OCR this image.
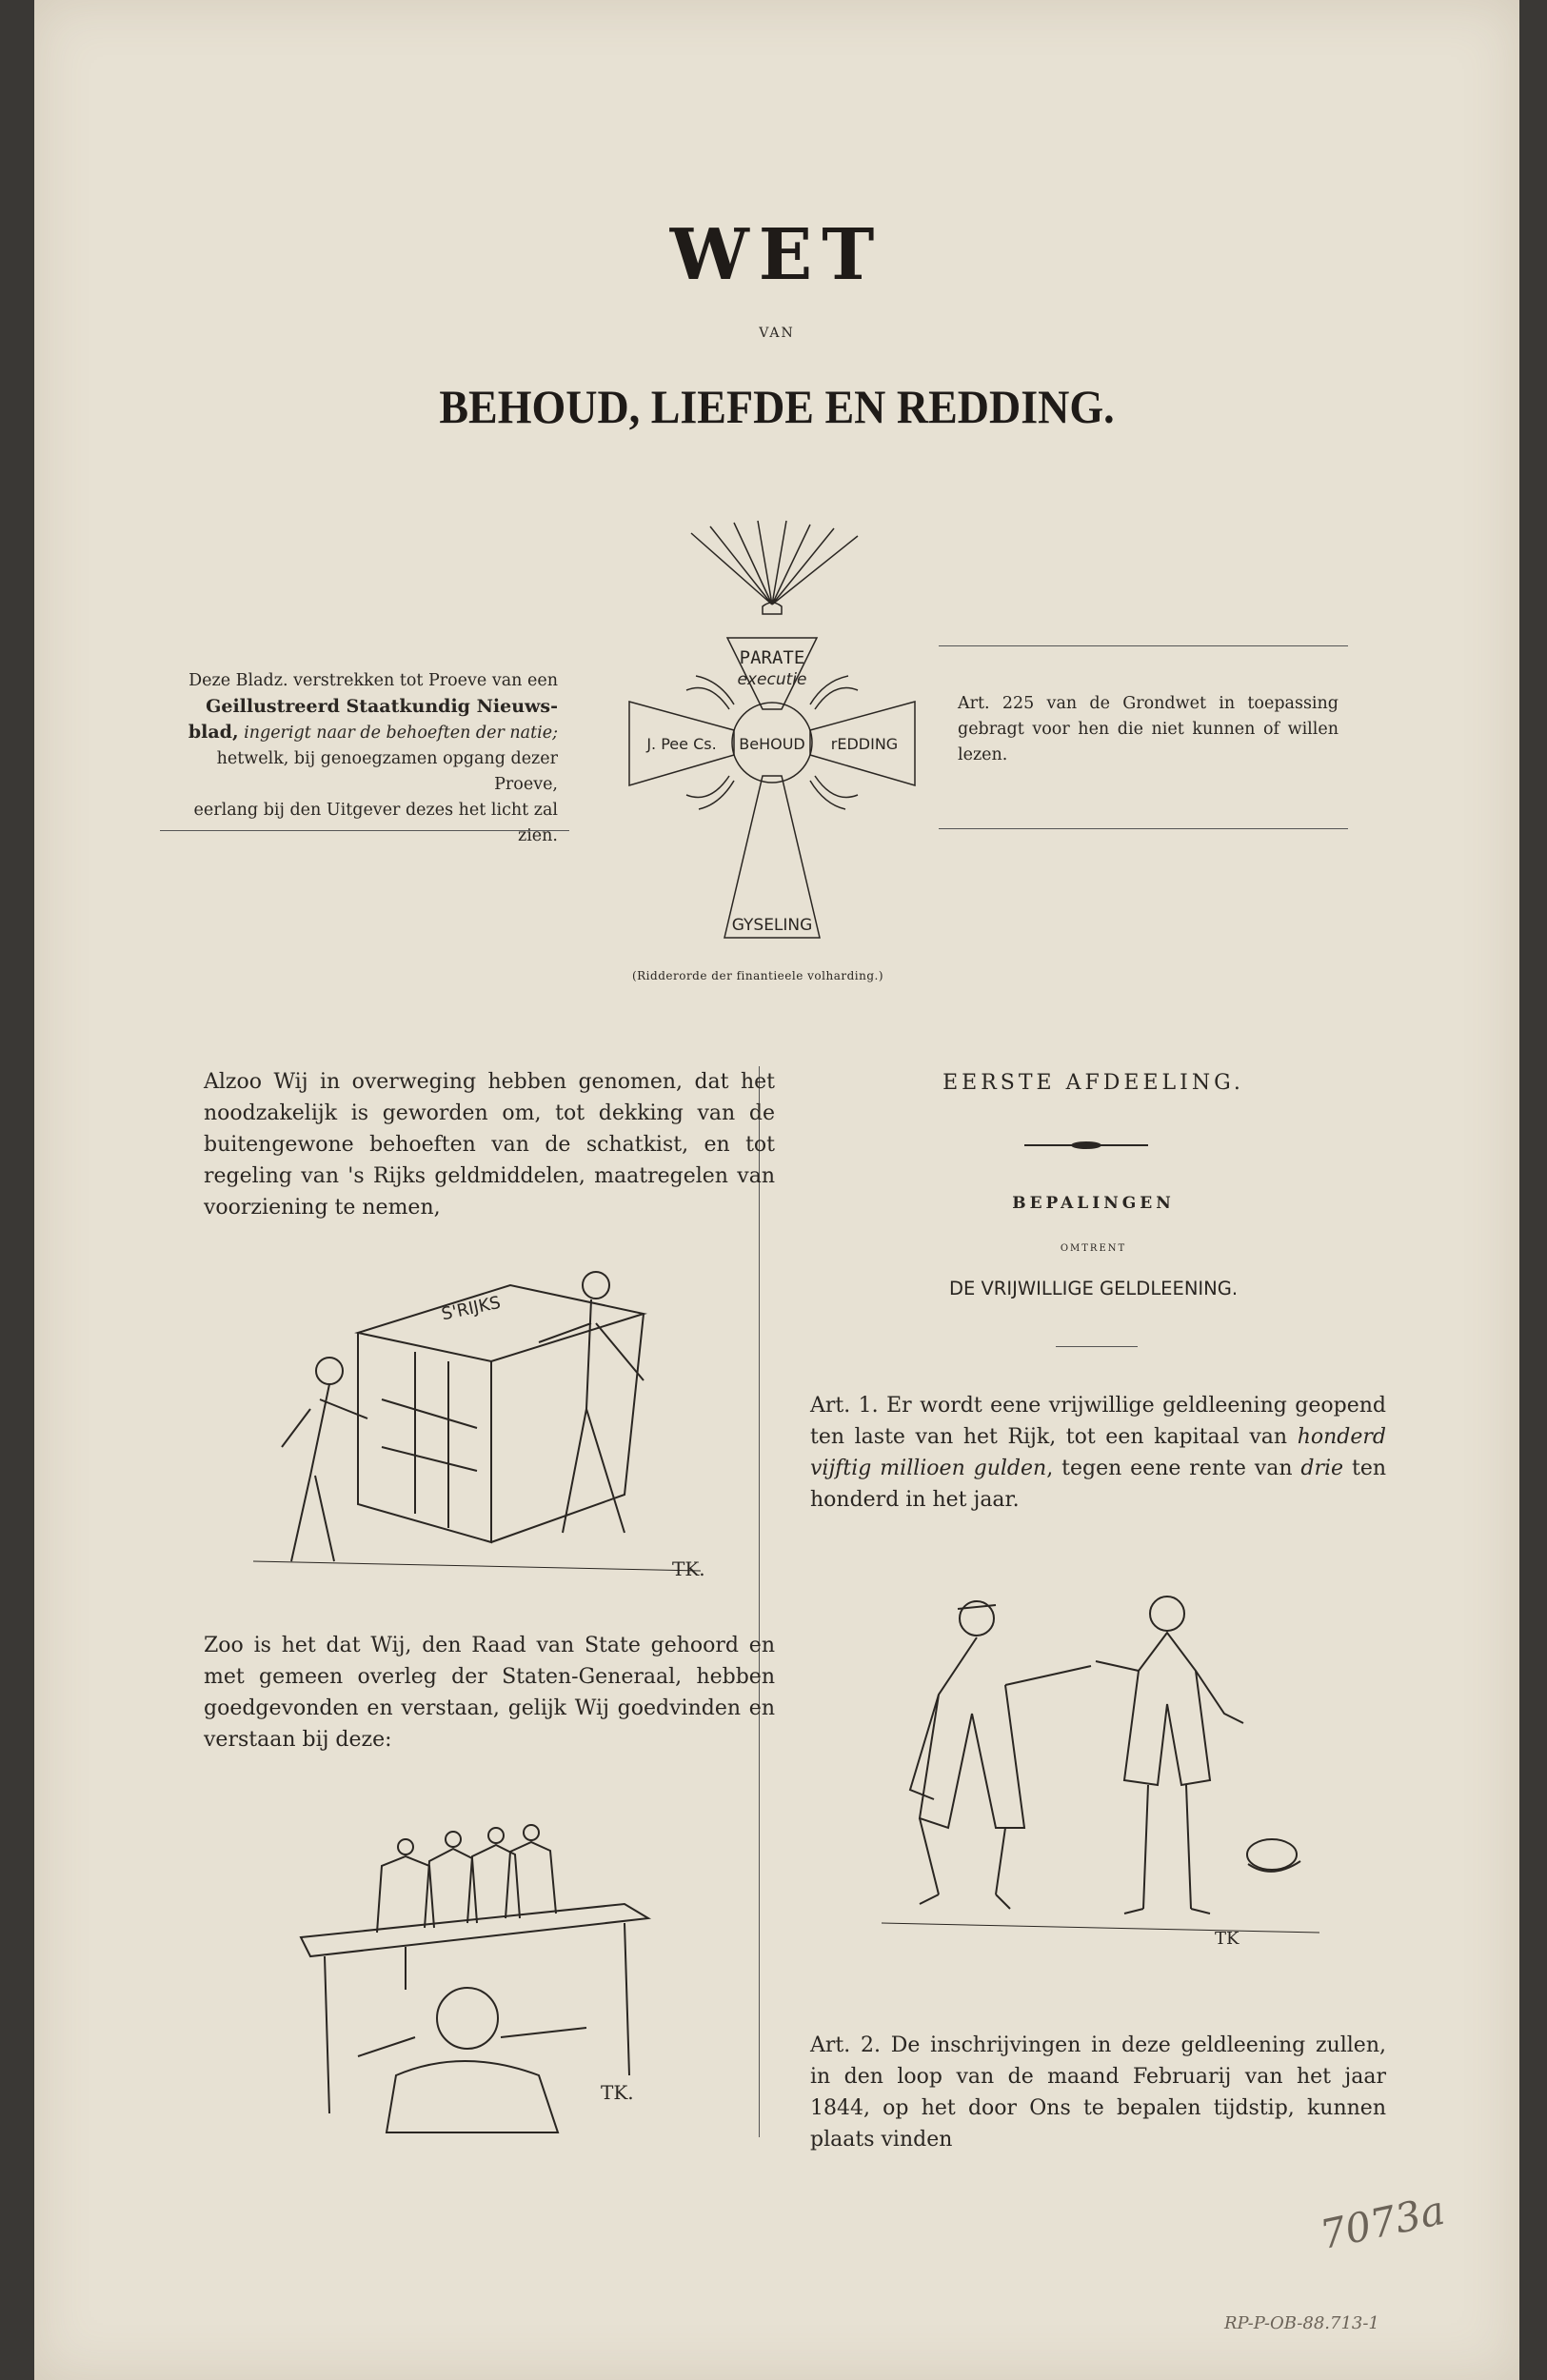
WET
VAN
BEHOUD, LIEFDE EN REDDING.
Deze Bladz. verstrekken tot Proeve van een
Geillustreerd Staatkundig Nieuws-
blad, ingerigt naar de behoeften der natie;
hetwelk, bij genoegzamen opgang dezer Proeve,
eerlang bij den Uitgever dezes het licht zal zien.
Art. 225 van de Grondwet in toepassing gebragt voor hen die niet kunnen of willen lezen.
PARATE
executie
J. Pee Cs. BeHOUD rEDDING
GYSELING
(Ridderorde der finantieele volharding.)
Alzoo Wij in overweging hebben genomen, dat het noodzakelijk is geworden om, tot dekking van de buitengewone behoeften van de schatkist, en tot regeling van 's Rijks geldmiddelen, maatregelen van voorziening te nemen,
S'RIJKS
TK.
Zoo is het dat Wij, den Raad van State gehoord en met gemeen overleg der Staten-Generaal, hebben goedgevonden en verstaan, gelijk Wij goedvinden en verstaan bij deze:
TK.
EERSTE AFDEELING.
BEPALINGEN
OMTRENT
DE VRIJWILLIGE GELDLEENING.
Art. 1. Er wordt eene vrijwillige geldleening geopend ten laste van het Rijk, tot een kapitaal van honderd vijftig millioen gulden, tegen eene rente van drie ten honderd in het jaar.
TK
Art. 2. De inschrijvingen in deze geldleening zullen, in den loop van de maand Februarij van het jaar 1844, op het door Ons te bepalen tijdstip, kunnen plaats vinden
7073a
RP-P-OB-88.713-1
